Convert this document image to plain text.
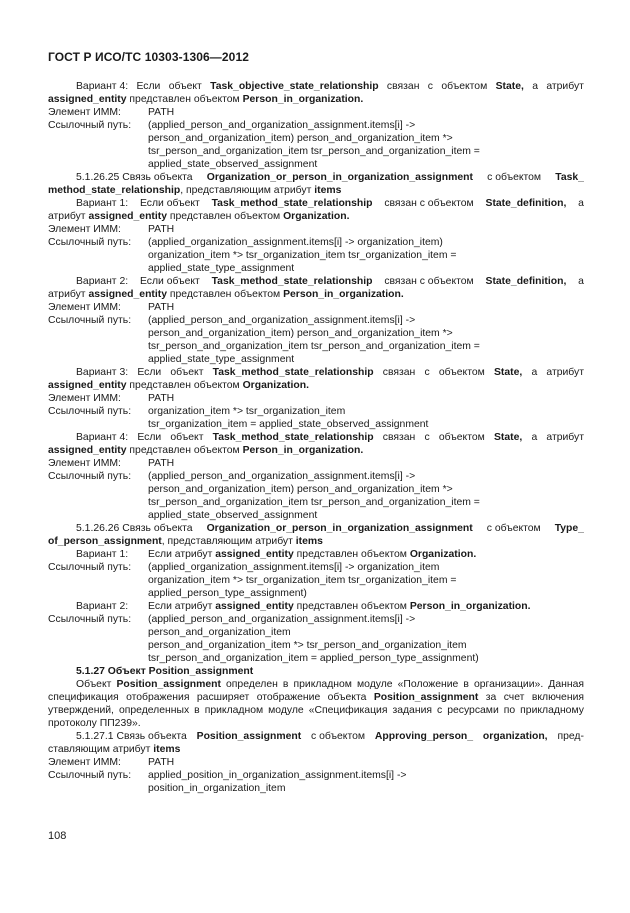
ГОСТ Р ИСО/ТС 10303-1306—2012
Вариант 4: Если объект Task_objective_state_relationship связан с объектом State, а атрибут
assigned_entity представлен объектом Person_in_organization.
Элемент ИММ:	PATH
Ссылочный путь: (applied_person_and_organization_assignment.items[i] ->
person_and_organization_item) person_and_organization_item *>
tsr_person_and_organization_item tsr_person_and_organization_item =
applied_state_observed_assignment
5.1.26.25 Связь объекта Organization_or_person_in_organization_assignment с объектом Task_
method_state_relationship, представляющим атрибут items
Вариант 1: Если объект Task_method_state_relationship связан с объектом State_definition, а
атрибут assigned_entity представлен объектом Organization.
Элемент ИММ:	PATH
Ссылочный путь: (applied_organization_assignment.items[i] -> organization_item)
organization_item *> tsr_organization_item tsr_organization_item =
applied_state_type_assignment
Вариант 2: Если объект Task_method_state_relationship связан с объектом State_definition, а
атрибут assigned_entity представлен объектом Person_in_organization.
Элемент ИММ:	PATH
Ссылочный путь: (applied_person_and_organization_assignment.items[i] ->
person_and_organization_item) person_and_organization_item *>
tsr_person_and_organization_item tsr_person_and_organization_item =
applied_state_type_assignment
Вариант 3: Если объект Task_method_state_relationship связан с объектом State, а атрибут
assigned_entity представлен объектом Organization.
Элемент ИММ:	PATH
Ссылочный путь: organization_item *> tsr_organization_item
tsr_organization_item = applied_state_observed_assignment
Вариант 4: Если объект Task_method_state_relationship связан с объектом State, а атрибут
assigned_entity представлен объектом Person_in_organization.
Элемент ИММ:	PATH
Ссылочный путь: (applied_person_and_organization_assignment.items[i] ->
person_and_organization_item) person_and_organization_item *>
tsr_person_and_organization_item tsr_person_and_organization_item =
applied_state_observed_assignment
5.1.26.26 Связь объекта Organization_or_person_in_organization_assignment с объектом Type_
of_person_assignment, представляющим атрибут items
Вариант 1: Если атрибут assigned_entity представлен объектом Organization.
Ссылочный путь: (applied_organization_assignment.items[i] -> organization_item
organization_item *> tsr_organization_item tsr_organization_item =
applied_person_type_assignment)
Вариант 2: Если атрибут assigned_entity представлен объектом Person_in_organization.
Ссылочный путь: (applied_person_and_organization_assignment.items[i] ->
person_and_organization_item
person_and_organization_item *> tsr_person_and_organization_item
tsr_person_and_organization_item = applied_person_type_assignment)
5.1.27 Объект Position_assignment
Объект Position_assignment определен в прикладном модуле «Положение в организации». Данная
спецификация отображения расширяет отображение объекта Position_assignment за счет включения
утверждений, определенных в прикладном модуле «Спецификация задания с ресурсами по прикладному
протоколу ПП239».
5.1.27.1 Связь объекта Position_assignment с объектом Approving_person_ organization, пред-
ставляющим атрибут items
Элемент ИММ:	PATH
Ссылочный путь: applied_position_in_organization_assignment.items[i] ->
position_in_organization_item
108
